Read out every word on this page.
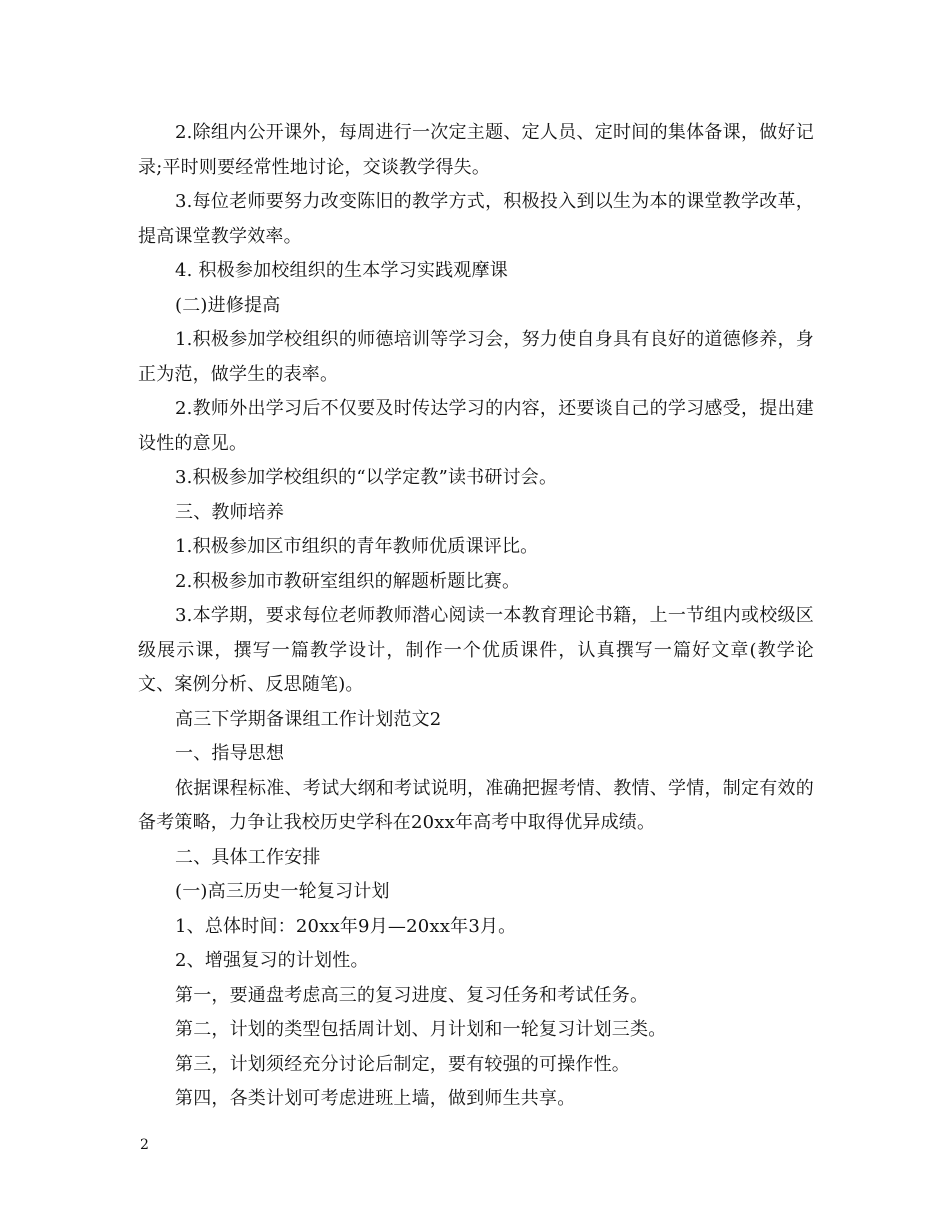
2.除组内公开课外，每周进行一次定主题、定人员、定时间的集体备课，做好记录;平时则要经常性地讨论，交谈教学得失。

3.每位老师要努力改变陈旧的教学方式，积极投入到以生为本的课堂教学改革，提高课堂教学效率。

4. 积极参加校组织的生本学习实践观摩课

(二)进修提高

1.积极参加学校组织的师德培训等学习会，努力使自身具有良好的道德修养，身正为范，做学生的表率。

2.教师外出学习后不仅要及时传达学习的内容，还要谈自己的学习感受，提出建设性的意见。

3.积极参加学校组织的“以学定教”读书研讨会。

三、教师培养

1.积极参加区市组织的青年教师优质课评比。

2.积极参加市教研室组织的解题析题比赛。

3.本学期，要求每位老师教师潜心阅读一本教育理论书籍，上一节组内或校级区级展示课，撰写一篇教学设计，制作一个优质课件，认真撰写一篇好文章(教学论文、案例分析、反思随笔)。

高三下学期备课组工作计划范文2

一、指导思想

依据课程标准、考试大纲和考试说明，准确把握考情、教情、学情，制定有效的备考策略，力争让我校历史学科在20xx年高考中取得优异成绩。

二、具体工作安排

(一)高三历史一轮复习计划

1、总体时间：20xx年9月—20xx年3月。

2、增强复习的计划性。

第一，要通盘考虑高三的复习进度、复习任务和考试任务。

第二，计划的类型包括周计划、月计划和一轮复习计划三类。

第三，计划须经充分讨论后制定，要有较强的可操作性。

第四，各类计划可考虑进班上墙，做到师生共享。

2
